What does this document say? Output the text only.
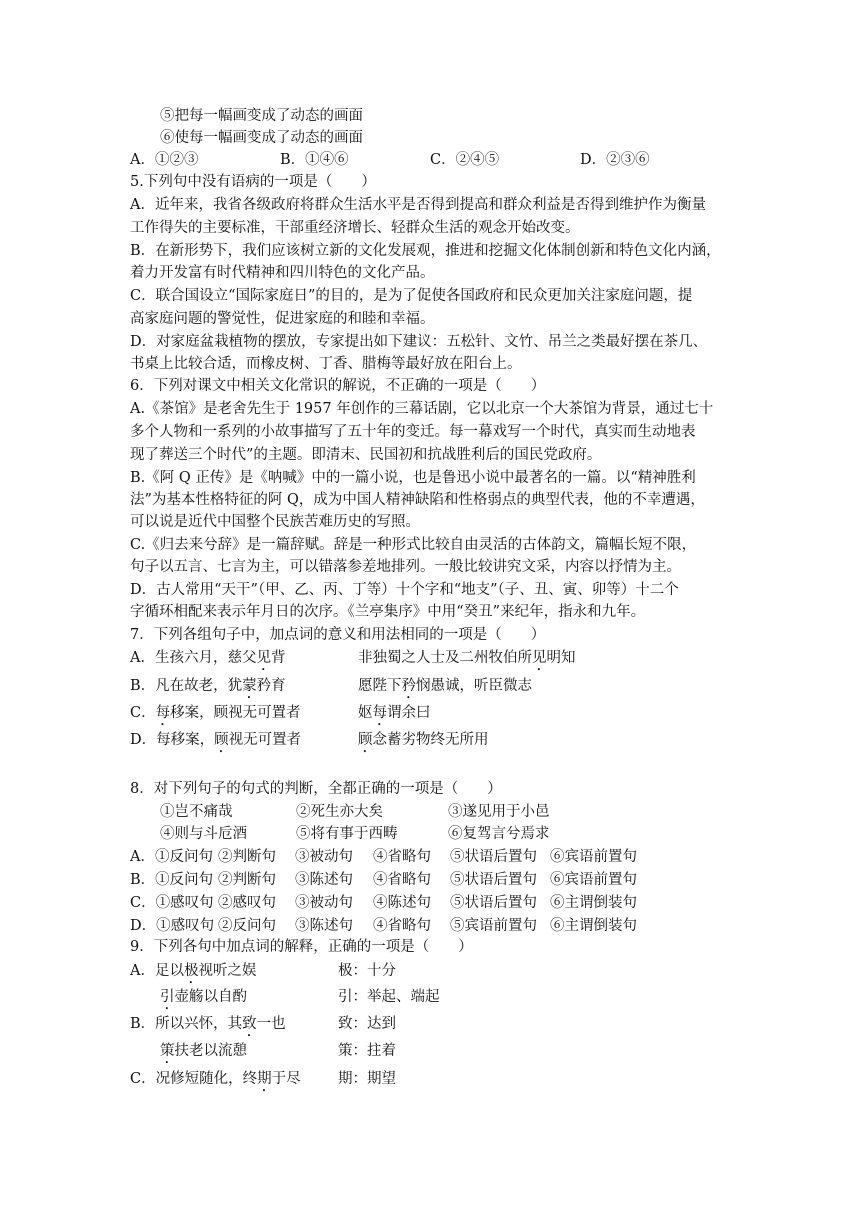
⑤把每一幅画变成了动态的画面
⑥使每一幅画变成了动态的画面
A．①②③	B．①④⑥	C．②④⑤	D．②③⑥
5.下列句中没有语病的一项是（　　）
A．近年来，我省各级政府将群众生活水平是否得到提高和群众利益是否得到维护作为衡量
工作得失的主要标准，干部重经济增长、轻群众生活的观念开始改变。
B．在新形势下，我们应该树立新的文化发展观，推进和挖掘文化体制创新和特色文化内涵，
着力开发富有时代精神和四川特色的文化产品。
C．联合国设立“国际家庭日”的目的，是为了促使各国政府和民众更加关注家庭问题，提
高家庭问题的警觉性，促进家庭的和睦和幸福。
D．对家庭盆栽植物的摆放，专家提出如下建议：五松针、文竹、吊兰之类最好摆在茶几、
书桌上比较合适，而橡皮树、丁香、腊梅等最好放在阳台上。
6．下列对课文中相关文化常识的解说，不正确的一项是（　　）
A.《茶馆》是老舍先生于 1957 年创作的三幕话剧，它以北京一个大茶馆为背景，通过七十
多个人物和一系列的小故事描写了五十年的变迁。每一幕戏写一个时代，真实而生动地表
现了葬送三个时代”的主题。即清末、民国初和抗战胜利后的国民党政府。
B.《阿 Q 正传》是《呐喊》中的一篇小说，也是鲁迅小说中最著名的一篇。以“精神胜利
法”为基本性格特征的阿 Q，成为中国人精神缺陷和性格弱点的典型代表，他的不幸遭遇，
可以说是近代中国整个民族苦难历史的写照。
C.《归去来兮辞》是一篇辞赋。辞是一种形式比较自由灵活的古体韵文，篇幅长短不限，
句子以五言、七言为主，可以错落参差地排列。一般比较讲究文采，内容以抒情为主。
D．古人常用“天干”（甲、乙、丙、丁等）十个字和“地支”（子、丑、寅、卯等）十二个
字循环相配来表示年月日的次序。《兰亭集序》中用“癸丑”来纪年，指永和九年。
7．下列各组句子中，加点词的意义和用法相同的一项是（　　）
A．生孩六月，慈父见背	非独蜀之人士及二州牧伯所见明知
B．凡在故老，犹蒙矜育	愿陛下矜悯愚诚，听臣微志
C．每移案，顾视无可置者	妪每谓余曰
D．每移案，顾视无可置者	顾念蓄劣物终无所用
8．对下列句子的句式的判断，全都正确的一项是（　　）
①岂不痛哉	②死生亦大矣	③遂见用于小邑
④则与斗卮酒	⑤将有事于西畴	⑥复驾言兮焉求
A．①反问句 ②判断句 ③被动句 ④省略句 ⑤状语后置句 ⑥宾语前置句
B．①反问句 ②判断句 ③陈述句 ④省略句 ⑤状语后置句 ⑥宾语前置句
C．①感叹句 ②感叹句 ③被动句 ④陈述句 ⑤状语后置句 ⑥主谓倒装句
D．①感叹句 ②反问句 ③陈述句 ④省略句 ⑤宾语前置句 ⑥主谓倒装句
9．下列各句中加点词的解释，正确的一项是（　　）
A．足以极视听之娱	极：十分
引壶觞以自酌	引：举起、端起
B．所以兴怀，其致一也	致：达到
策扶老以流憩	策：拄着
C．况修短随化，终期于尽	期：期望
